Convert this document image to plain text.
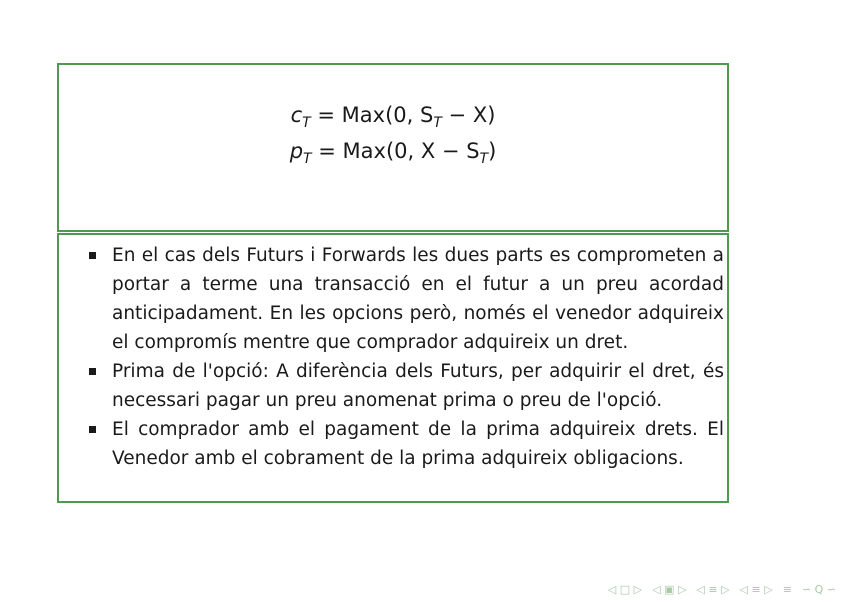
$c_T = Max(0$, $S_T - X$)
$p_T = Max(0$, $X - S_T$)
En el cas dels Futurs i Forwards les dues parts es comprometen a portar a terme una transacció en el futur a un preu acordad anticipadament. En les opcions però, només el venedor adquireix el compromís mentre que comprador adquireix un dret.
Prima de l'opció: A diferència dels Futurs, per adquirir el dret, és necessari pagar un preu anomenat prima o preu de l'opció.
El comprador amb el pagament de la prima adquireix drets. El Venedor amb el cobrament de la prima adquireix obligacions.
◁ □ ▷ ◁ ▣ ▷ ◁ ≡ ▷ ◁ ≡ ▷ ≡ ∽ Q ∽
